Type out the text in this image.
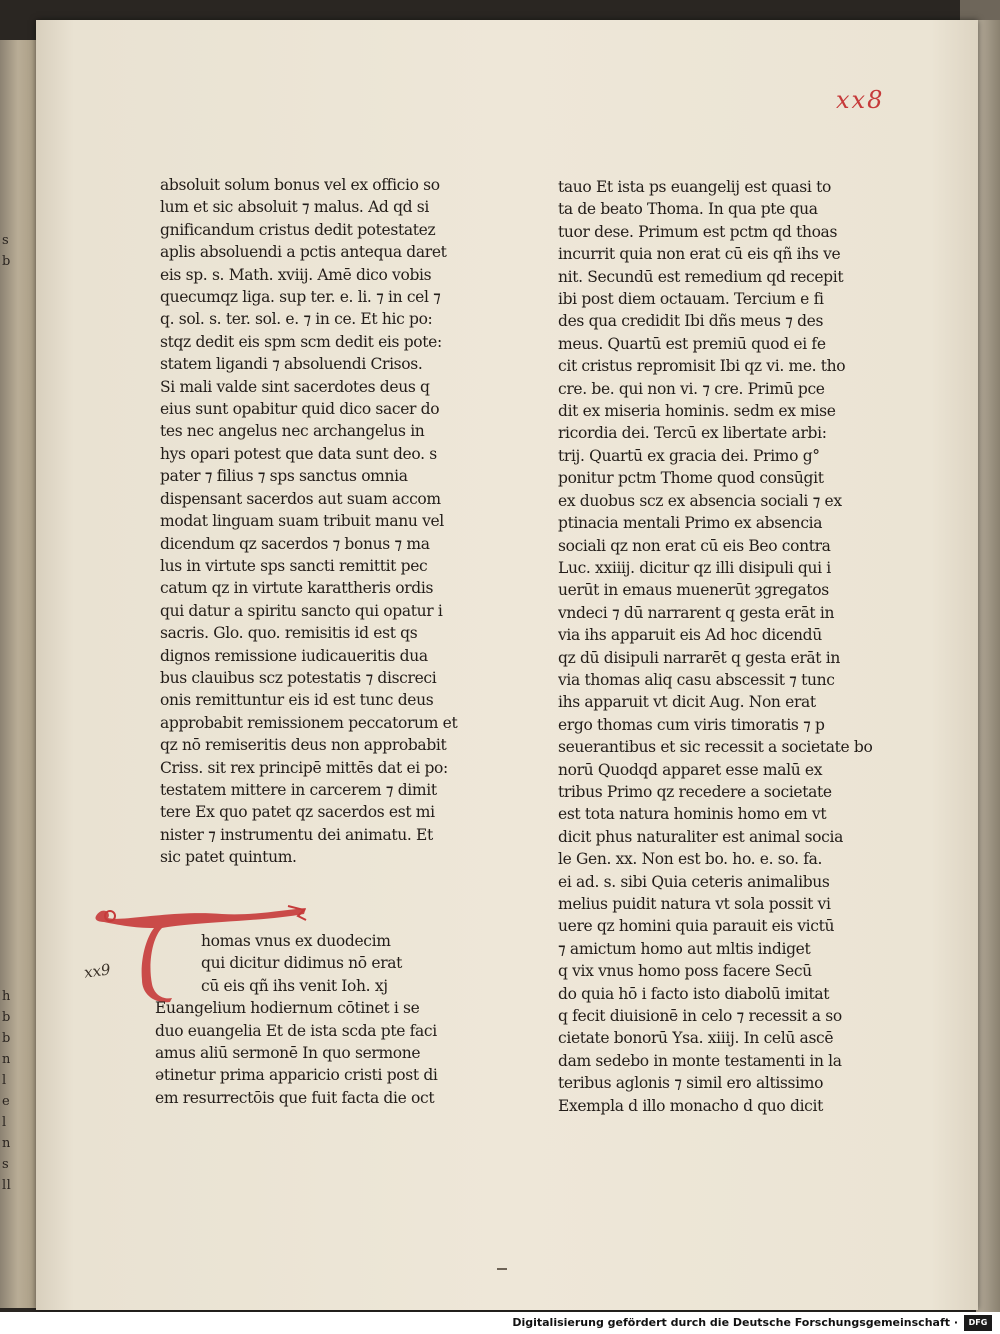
s
b

h
b
b
n
l
e
l
n
s
ll
xx8
absoluit solum bonus vel ex officio so
lum et sic absoluit ⁊ malus. Ad qd si
gnificandum cristus dedit potestatez
aplis absoluendi a pctis antequa daret
eis sp. s. Math. xviij. Amē dico vobis
quecumqz liga. sup ter. e. li. ⁊ in cel ⁊
q. sol. s. ter. sol. e. ⁊ in ce. Et hic po:
stqz dedit eis spm scm dedit eis pote:
statem ligandi ⁊ absoluendi Crisos.
Si mali valde sint sacerdotes deus q
eius sunt opabitur quid dico sacer do
tes nec angelus nec archangelus in
hys opari potest que data sunt deo. s
pater ⁊ filius ⁊ sps sanctus omnia
dispensant sacerdos aut suam accom
modat linguam suam tribuit manu vel
dicendum qz sacerdos ⁊ bonus ⁊ ma
lus in virtute sps sancti remittit pec
catum qz in virtute karattheris ordis
qui datur a spiritu sancto qui opatur i
sacris. Glo. quo. remisitis id est qs
dignos remissione iudicaueritis dua
bus clauibus scz potestatis ⁊ discreci
onis remittuntur eis id est tunc deus
approbabit remissionem peccatorum et
qz nō remiseritis deus non approbabit
Criss. sit rex principē mittēs dat ei po:
testatem mittere in carcerem ⁊ dimit
tere Ex quo patet qz sacerdos est mi
nister ⁊ instrumentu dei animatu. Et
sic patet quintum.
tauo Et ista ps euangelij est quasi to
ta de beato Thoma. In qua pte qua
tuor dese. Primum est pctm qd thoas
incurrit quia non erat cū eis qñ ihs ve
nit. Secundū est remedium qd recepit
ibi post diem octauam. Tercium e fi
des qua credidit Ibi dñs meus ⁊ des
meus. Quartū est premiū quod ei fe
cit cristus repromisit Ibi qz vi. me. tho
cre. be. qui non vi. ⁊ cre. Primū pce
dit ex miseria hominis. sedm ex mise
ricordia dei. Tercū ex libertate arbi:
trij. Quartū ex gracia dei. Primo g°
ponitur pctm Thome quod consūgit
ex duobus scz ex absencia sociali ⁊ ex
ptinacia mentali Primo ex absencia
sociali qz non erat cū eis Beo contra
Luc. xxiiij. dicitur qz illi disipuli qui i
uerūt in emaus muenerūt ȝgregatos
vndeci ⁊ dū narrarent q gesta erāt in
via ihs apparuit eis Ad hoc dicendū
qz dū disipuli narrarēt q gesta erāt in
via thomas aliq casu abscessit ⁊ tunc
ihs apparuit vt dicit Aug. Non erat
ergo thomas cum viris timoratis ⁊ p
seuerantibus et sic recessit a societate bo
norū Quodqd apparet esse malū ex
tribus Primo qz recedere a societate
est tota natura hominis homo em vt
dicit phus naturaliter est animal socia
le Gen. xx. Non est bo. ho. e. so. fa.
ei ad. s. sibi Quia ceteris animalibus
melius puidit natura vt sola possit vi
uere qz homini quia parauit eis victū
⁊ amictum homo aut mltis indiget
q vix vnus homo poss facere Secū
do quia hō i facto isto diabolū imitat
q fecit diuisionē in celo ⁊ recessit a so
cietate bonorū Ysa. xiiij. In celū ascē
dam sedebo in monte testamenti in la
teribus aglonis ⁊ simil ero altissimo
Exempla d illo monacho d quo dicit
homas vnus ex duodecim
qui dicitur didimus nō erat
cū eis qñ ihs venit Ioh. xj
Euangelium hodiernum cōtinet i se
duo euangelia Et de ista scda pte faci
amus aliū sermonē In quo sermone
ǝtinetur prima apparicio cristi post di
em resurrectōis que fuit facta die oct
xx9
Digitalisierung gefördert durch die Deutsche Forschungsgemeinschaft ·	DFG
